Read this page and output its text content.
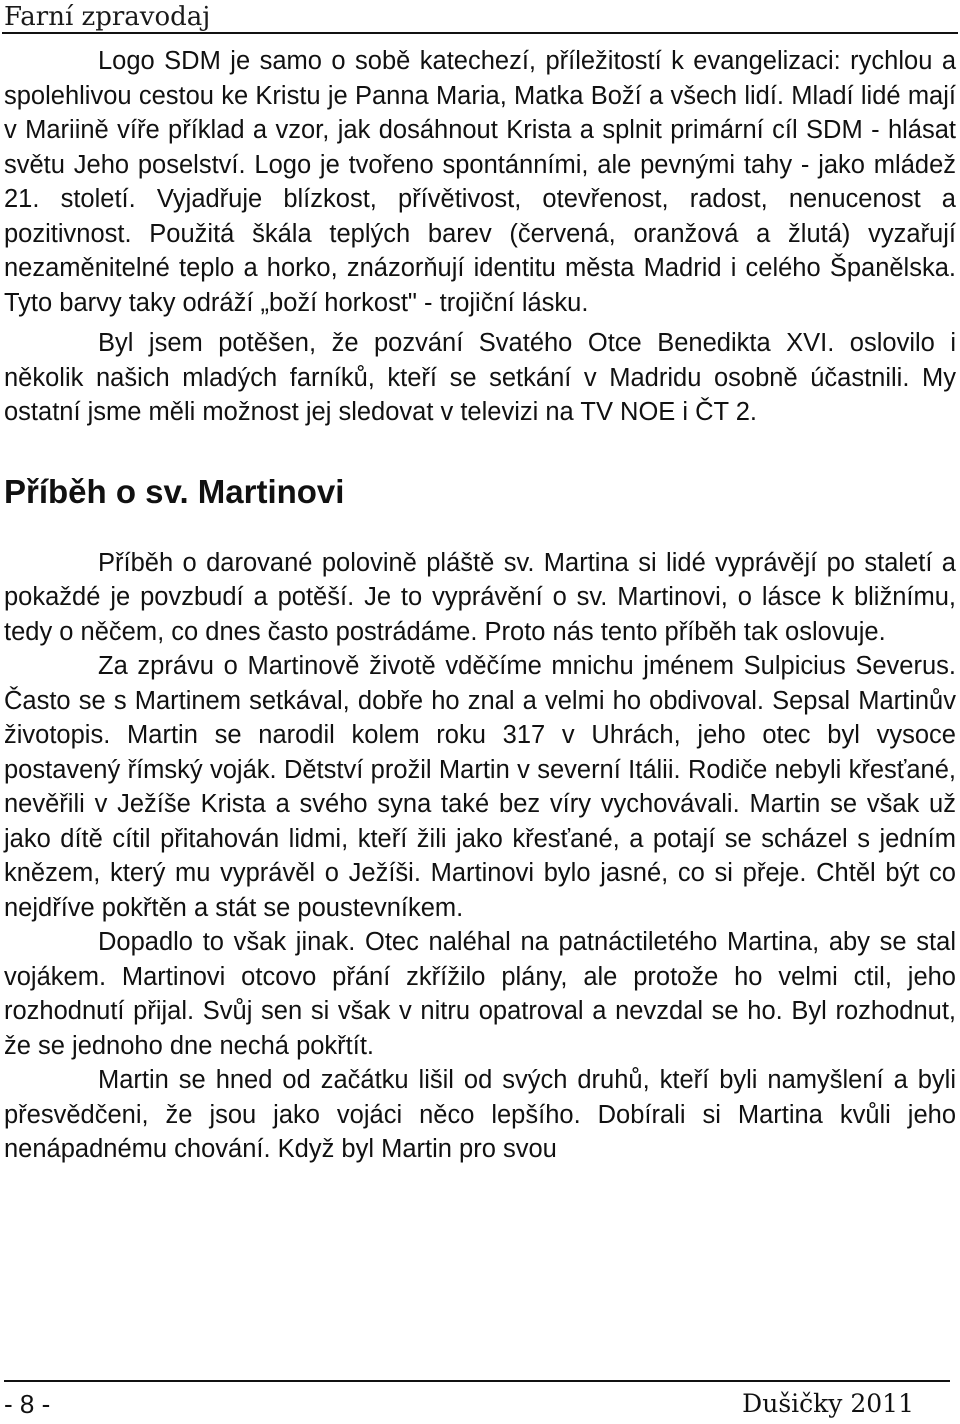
Farní zpravodaj

Logo SDM je samo o sobě katechezí, příležitostí k evangelizaci: rychlou a spolehlivou cestou ke Kristu je Panna Maria, Matka Boží a všech lidí. Mladí lidé mají v Mariině víře příklad a vzor, jak dosáhnout Krista a splnit primární cíl SDM - hlásat světu Jeho poselství. Logo je tvořeno spontánními, ale pevnými tahy - jako mládež 21. století. Vyjadřuje blízkost, přívětivost, otevřenost, radost, nenucenost a pozitivnost. Použitá škála teplých barev (červená, oranžová a žlutá) vyzařují nezaměnitelné teplo a horko, znázorňují identitu města Madrid i celého Španělska. Tyto barvy taky odráží „boží horkost" - trojiční lásku.

Byl jsem potěšen, že pozvání Svatého Otce Benedikta XVI. oslovilo i několik našich mladých farníků, kteří se setkání v Madridu osobně účastnili. My ostatní jsme měli možnost jej sledovat v televizi na TV NOE i ČT 2.

Příběh o sv. Martinovi

Příběh o darované polovině pláště sv. Martina si lidé vyprávějí po staletí a pokaždé je povzbudí a potěší. Je to vyprávění o sv. Martinovi, o lásce k bližnímu, tedy o něčem, co dnes často postrádáme. Proto nás tento příběh tak oslovuje.

Za zprávu o Martinově životě vděčíme mnichu jménem Sulpicius Severus. Často se s Martinem setkával, dobře ho znal a velmi ho obdivoval. Sepsal Martinův životopis. Martin se narodil kolem roku 317 v Uhrách, jeho otec byl vysoce postavený římský voják. Dětství prožil Martin v severní Itálii. Rodiče nebyli křesťané, nevěřili v Ježíše Krista a svého syna také bez víry vychovávali. Martin se však už jako dítě cítil přitahován lidmi, kteří žili jako křesťané, a potají se scházel s jedním knězem, který mu vyprávěl o Ježíši. Martinovi bylo jasné, co si přeje. Chtěl být co nejdříve pokřtěn a stát se poustevníkem.

Dopadlo to však jinak. Otec naléhal na patnáctiletého Martina, aby se stal vojákem. Martinovi otcovo přání zkřížilo plány, ale protože ho velmi ctil, jeho rozhodnutí přijal. Svůj sen si však v nitru opatroval a nevzdal se ho. Byl rozhodnut, že se jednoho dne nechá pokřtít.

Martin se hned od začátku lišil od svých druhů, kteří byli namyšlení a byli přesvědčeni, že jsou jako vojáci něco lepšího. Dobírali si Martina kvůli jeho nenápadnému chování. Když byl Martin pro svou

- 8 -	Dušičky 2011
